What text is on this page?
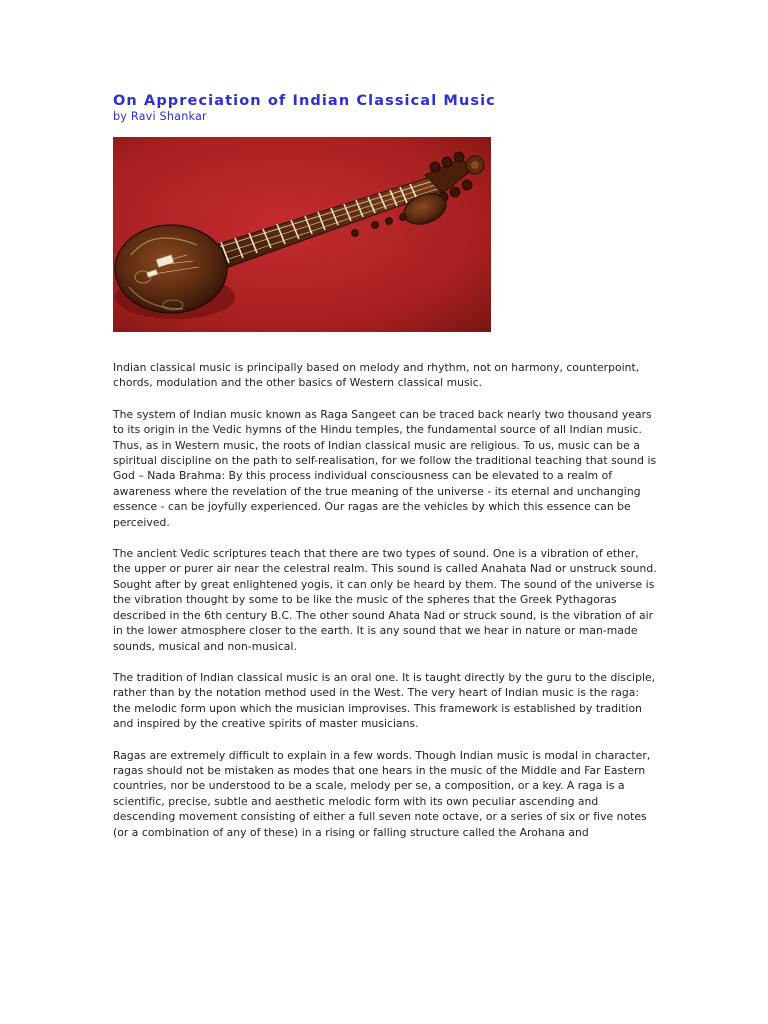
On Appreciation of Indian Classical Music
by Ravi Shankar

Indian classical music is principally based on melody and rhythm, not on harmony, counterpoint, chords, modulation and the other basics of Western classical music.

The system of Indian music known as Raga Sangeet can be traced back nearly two thousand years to its origin in the Vedic hymns of the Hindu temples, the fundamental source of all Indian music. Thus, as in Western music, the roots of Indian classical music are religious. To us, music can be a spiritual discipline on the path to self-realisation, for we follow the traditional teaching that sound is God – Nada Brahma: By this process individual consciousness can be elevated to a realm of awareness where the revelation of the true meaning of the universe - its eternal and unchanging essence - can be joyfully experienced. Our ragas are the vehicles by which this essence can be perceived.

The ancient Vedic scriptures teach that there are two types of sound. One is a vibration of ether, the upper or purer air near the celestral realm. This sound is called Anahata Nad or unstruck sound. Sought after by great enlightened yogis, it can only be heard by them. The sound of the universe is the vibration thought by some to be like the music of the spheres that the Greek Pythagoras described in the 6th century B.C. The other sound Ahata Nad or struck sound, is the vibration of air in the lower atmosphere closer to the earth. It is any sound that we hear in nature or man-made sounds, musical and non-musical.

The tradition of Indian classical music is an oral one. It is taught directly by the guru to the disciple, rather than by the notation method used in the West. The very heart of Indian music is the raga: the melodic form upon which the musician improvises. This framework is established by tradition and inspired by the creative spirits of master musicians.

Ragas are extremely difficult to explain in a few words. Though Indian music is modal in character, ragas should not be mistaken as modes that one hears in the music of the Middle and Far Eastern countries, nor be understood to be a scale, melody per se, a composition, or a key. A raga is a scientific, precise, subtle and aesthetic melodic form with its own peculiar ascending and descending movement consisting of either a full seven note octave, or a series of six or five notes (or a combination of any of these) in a rising or falling structure called the Arohana and
